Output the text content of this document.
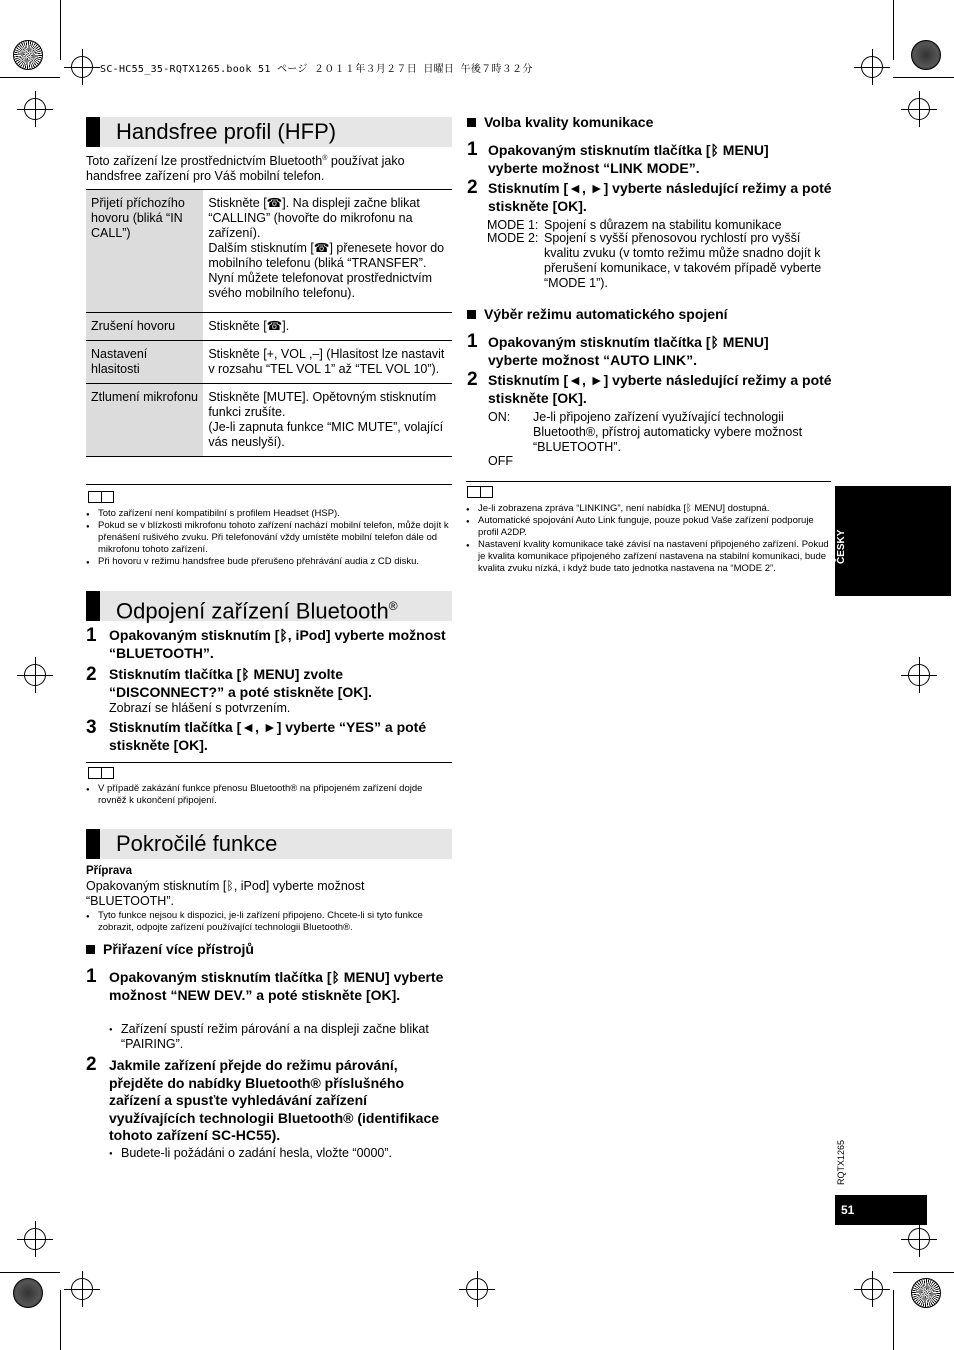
SC-HC55_35-RQTX1265.book 51 ページ ２０１１年３月２７日 日曜日 午後７時３２分
Handsfree profil (HFP)
Toto zařízení lze prostřednictvím Bluetooth® používat jako handsfree zařízení pro Váš mobilní telefon.
Přijetí příchozího hovoru (bliká “IN CALL”)	Stiskněte [☎]. Na displeji začne blikat “CALLING” (hovořte do mikrofonu na zařízení).
Dalším stisknutím [☎] přenesete hovor do mobilního telefonu (bliká “TRANSFER”. Nyní můžete telefonovat prostřednictvím svého mobilního telefonu).
Zrušení hovoru	Stiskněte [☎].
Nastavení hlasitosti	Stiskněte [+, VOL ,–] (Hlasitost lze nastavit v rozsahu “TEL VOL 1” až “TEL VOL 10”).
Ztlumení mikrofonu	Stiskněte [MUTE]. Opětovným stisknutím funkci zrušíte.
(Je-li zapnuta funkce “MIC MUTE”, volající vás neuslyší).
● Toto zařízení není kompatibilní s profilem Headset (HSP).
● Pokud se v blízkosti mikrofonu tohoto zařízení nachází mobilní telefon, může dojít k přenášení rušivého zvuku. Při telefonování vždy umístěte mobilní telefon dále od mikrofonu tohoto zařízení.
● Při hovoru v režimu handsfree bude přerušeno přehrávání audia z CD disku.
Odpojení zařízení Bluetooth®
1 Opakovaným stisknutím [ᛒ, iPod] vyberte možnost “BLUETOOTH”.
2 Stisknutím tlačítka [ᛒ MENU] zvolte “DISCONNECT?” a poté stiskněte [OK].
Zobrazí se hlášení s potvrzením.
3 Stisknutím tlačítka [◄, ►] vyberte “YES” a poté stiskněte [OK].
● V případě zakázání funkce přenosu Bluetooth® na připojeném zařízení dojde rovněž k ukončení připojení.
Pokročilé funkce
Příprava
Opakovaným stisknutím [ᛒ, iPod] vyberte možnost “BLUETOOTH”.
● Tyto funkce nejsou k dispozici, je-li zařízení připojeno. Chcete-li si tyto funkce zobrazit, odpojte zařízení používající technologii Bluetooth®.
Přiřazení více přístrojů
1 Opakovaným stisknutím tlačítka [ᛒ MENU] vyberte možnost “NEW DEV.” a poté stiskněte [OK].
● Zařízení spustí režim párování a na displeji začne blikat “PAIRING”.
2 Jakmile zařízení přejde do režimu párování, přejděte do nabídky Bluetooth® příslušného zařízení a spusťte vyhledávání zařízení využívajících technologii Bluetooth® (identifikace tohoto zařízení SC-HC55).
● Budete-li požádáni o zadání hesla, vložte “0000”.
Volba kvality komunikace
1 Opakovaným stisknutím tlačítka [ᛒ MENU] vyberte možnost “LINK MODE”.
2 Stisknutím [◄, ►] vyberte následující režimy a poté stiskněte [OK].
MODE 1: Spojení s důrazem na stabilitu komunikace
MODE 2: Spojení s vyšší přenosovou rychlostí pro vyšší kvalitu zvuku (v tomto režimu může snadno dojít k přerušení komunikace, v takovém případě vyberte “MODE 1”).
Výběr režimu automatického spojení
1 Opakovaným stisknutím tlačítka [ᛒ MENU] vyberte možnost “AUTO LINK”.
2 Stisknutím [◄, ►] vyberte následující režimy a poté stiskněte [OK].
ON: Je-li připojeno zařízení využívající technologii Bluetooth®, přístroj automaticky vybere možnost “BLUETOOTH”.
OFF
● Je-li zobrazena zpráva “LINKING”, není nabídka [ᛒ MENU] dostupná.
● Automatické spojování Auto Link funguje, pouze pokud Vaše zařízení podporuje profil A2DP.
● Nastavení kvality komunikace také závisí na nastavení připojeného zařízení. Pokud je kvalita komunikace připojeného zařízení nastavena na stabilní komunikaci, bude kvalita zvuku nízká, i když bude tato jednotka nastavena na “MODE 2”.
ČESKY
RQTX1265
51
